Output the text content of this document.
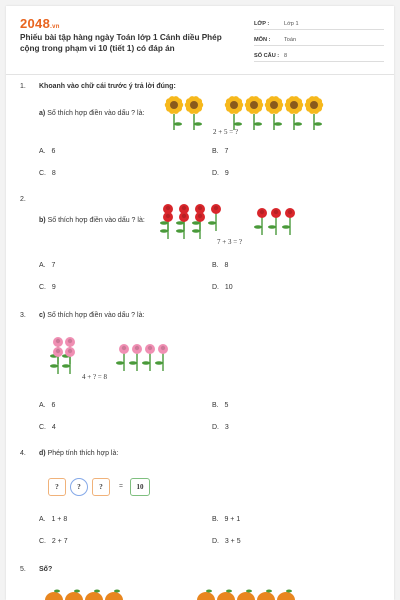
2048.vn
Phiếu bài tập hàng ngày Toán lớp 1 Cánh diều Phép cộng trong phạm vi 10 (tiết 1) có đáp án
LỚP :	Lớp 1
MÔN : Toán
SỐ CÂU : 8
1. Khoanh vào chữ cái trước ý trả lời đúng:
a) Số thích hợp điền vào dấu ? là:
2 + 5 = ?
A. 6	B. 7
C. 8	D. 9
2.
b) Số thích hợp điền vào dấu ? là:
7 + 3 = ?
A. 7	B. 8
C. 9	D. 10
3. c) Số thích hợp điền vào dấu ? là:
4 + ? = 8
A. 6	B. 5
C. 4	D. 3
4. d) Phép tính thích hợp là:
?	?	?	=	10
A. 1 + 8	B. 9 + 1
C. 2 + 7	D. 3 + 5
5. Số?
